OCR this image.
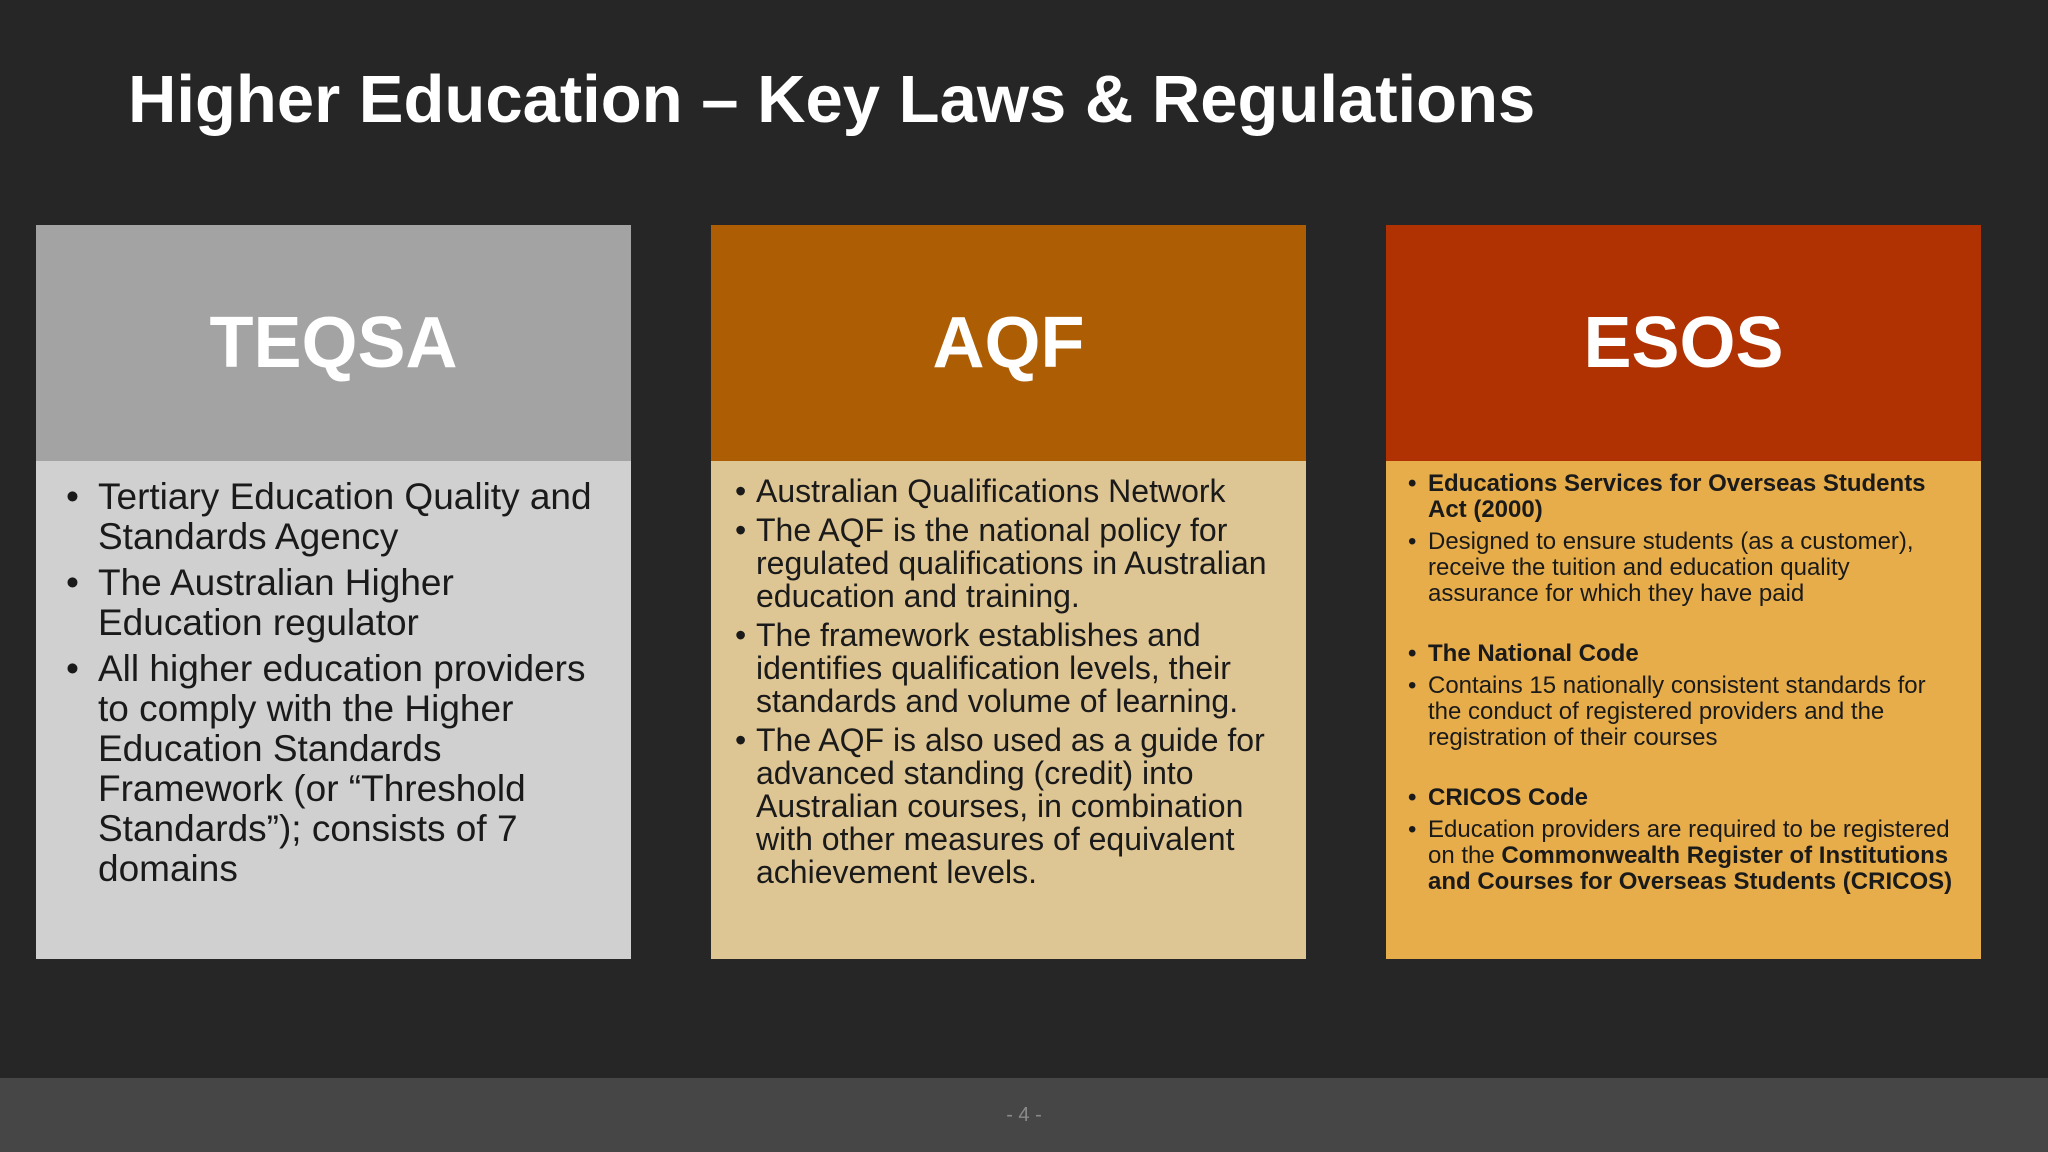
Higher Education – Key Laws & Regulations
TEQSA
• Tertiary Education Quality and Standards Agency
• The Australian Higher Education regulator
• All higher education providers to comply with the Higher Education Standards Framework (or “Threshold Standards”); consists of 7 domains
AQF
• Australian Qualifications Network
• The AQF is the national policy for regulated qualifications in Australian education and training.
• The framework establishes and identifies qualification levels, their standards and volume of learning.
• The AQF is also used as a guide for advanced standing (credit) into Australian courses, in combination with other measures of equivalent achievement levels.
ESOS
• Educations Services for Overseas Students Act (2000)
• Designed to ensure students (as a customer), receive the tuition and education quality assurance for which they have paid
• The National Code
• Contains 15 nationally consistent standards for the conduct of registered providers and the registration of their courses
• CRICOS Code
• Education providers are required to be registered on the Commonwealth Register of Institutions and Courses for Overseas Students (CRICOS)
- 4 -
